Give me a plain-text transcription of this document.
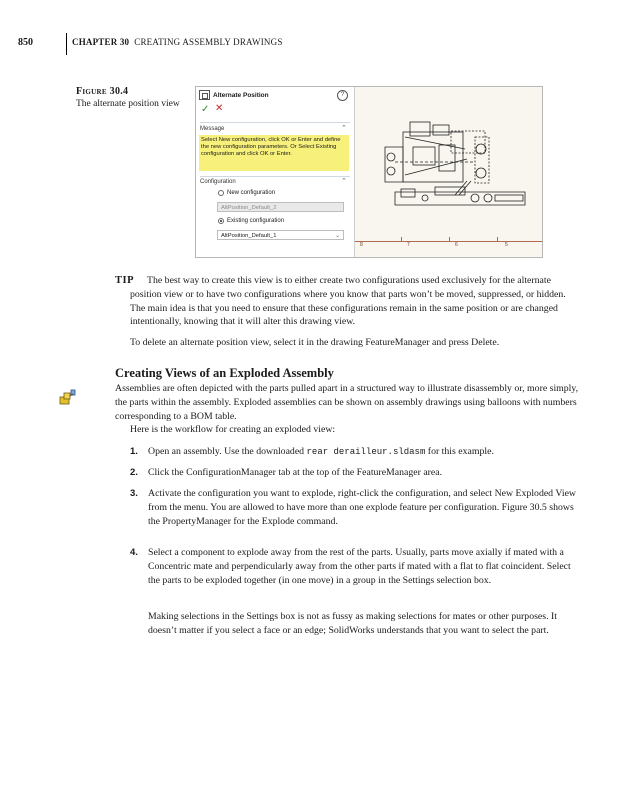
850	CHAPTER 30 CREATING ASSEMBLY DRAWINGS
Figure 30.4
The alternate position view
Alternate Position	?
✓ ✕
Message	⌃
Select New configuration, click OK or Enter and define the new configuration parameters. Or Select Existing configuration and click OK or Enter.
Configuration	⌃
New configuration
AltPosition_Default_2
Existing configuration
AltPosition_Default_1	⌄
8	7	6	5
TIP	The best way to create this view is to either create two configurations used exclusively for the alternate position view or to have two configurations where you know that parts won’t be moved, suppressed, or hidden. The main idea is that you need to ensure that these configurations remain in the same position or are changed intentionally, knowing that it will alter this drawing view.
To delete an alternate position view, select it in the drawing FeatureManager and press Delete.
Creating Views of an Exploded Assembly
Assemblies are often depicted with the parts pulled apart in a structured way to illustrate disassembly or, more simply, the parts within the assembly. Exploded assemblies can be shown on assembly drawings using balloons with numbers corresponding to a BOM table.
Here is the workflow for creating an exploded view:
1. Open an assembly. Use the downloaded rear derailleur.sldasm for this example.
2. Click the ConfigurationManager tab at the top of the FeatureManager area.
3. Activate the configuration you want to explode, right-click the configuration, and select New Exploded View from the menu. You are allowed to have more than one explode feature per configuration. Figure 30.5 shows the PropertyManager for the Explode command.
4. Select a component to explode away from the rest of the parts. Usually, parts move axially if mated with a Concentric mate and perpendicularly away from the other parts if mated with a flat to flat coincident. Select the parts to be exploded together (in one move) in a group in the Settings selection box.
Making selections in the Settings box is not as fussy as making selections for mates or other purposes. It doesn’t matter if you select a face or an edge; SolidWorks understands that you want to select the part.
